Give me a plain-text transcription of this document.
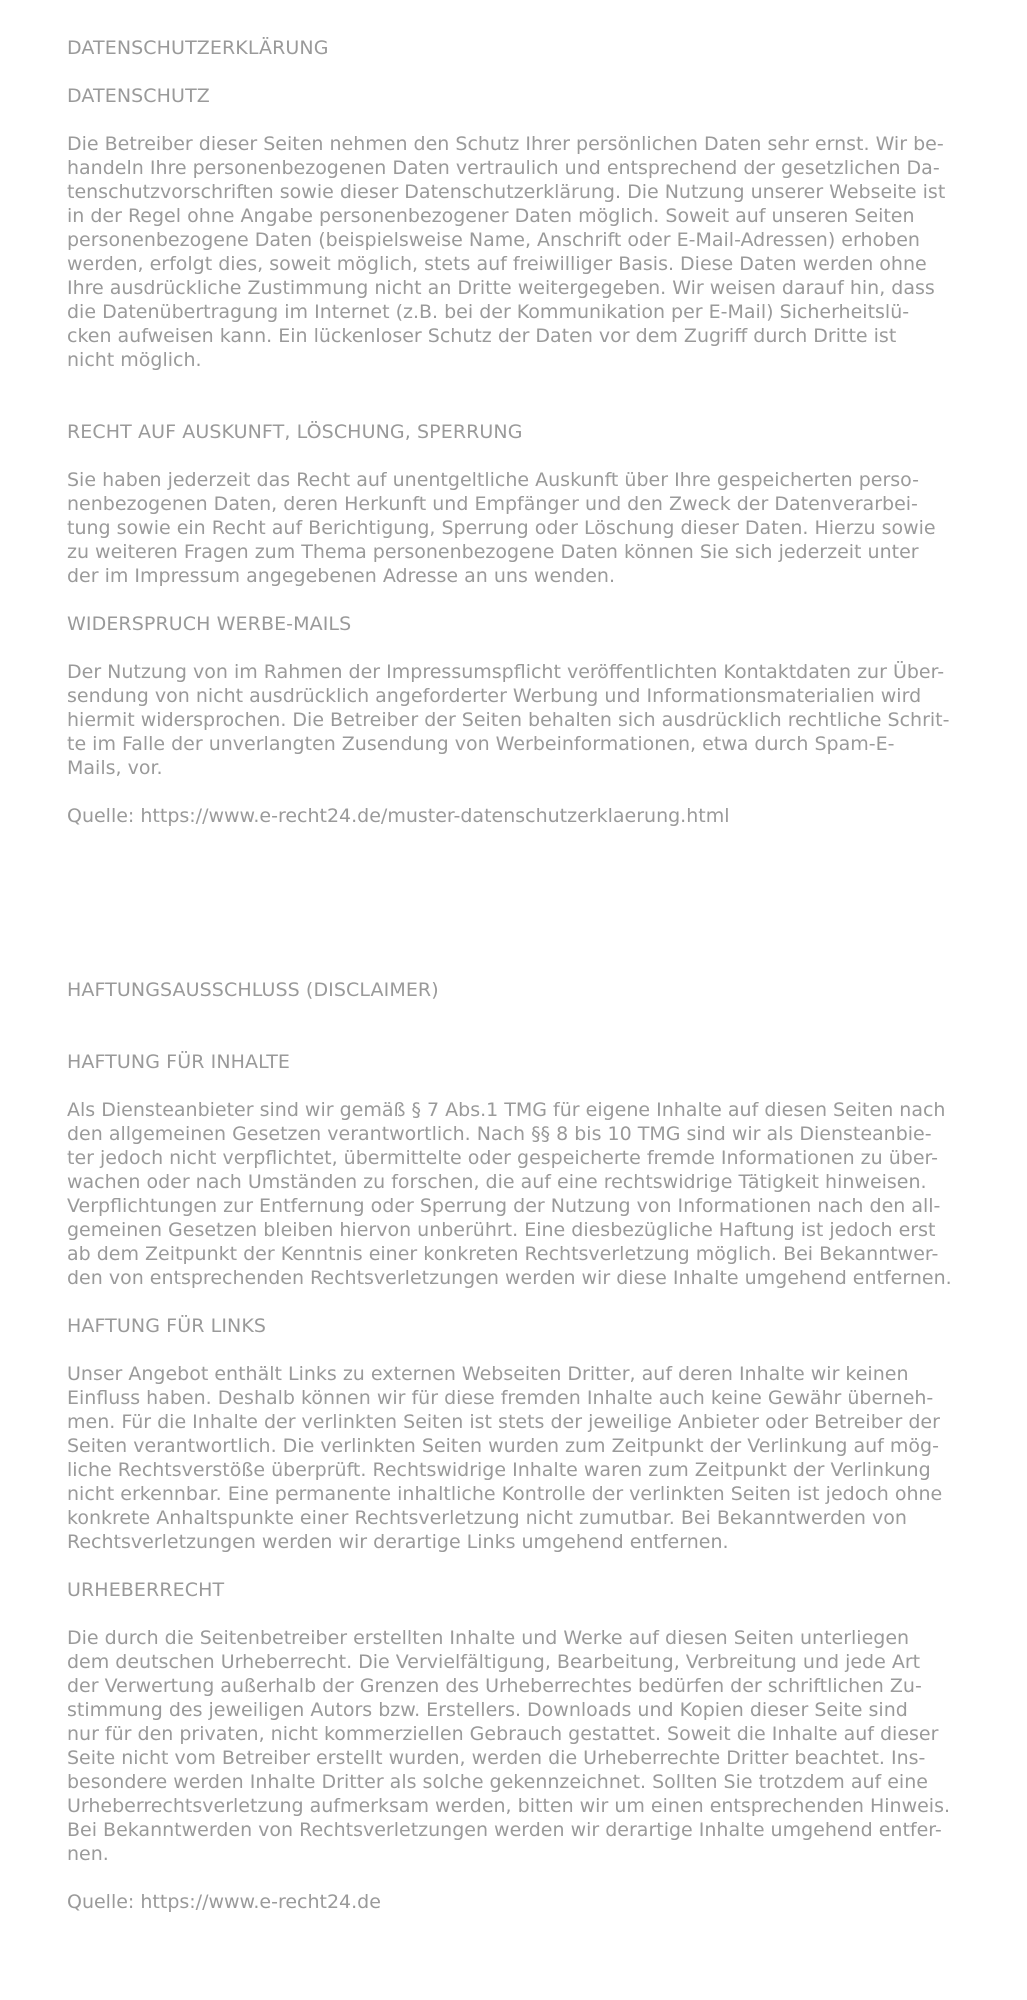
DATENSCHUTZERKLÄRUNG
DATENSCHUTZ

Die Betreiber dieser Seiten nehmen den Schutz Ihrer persönlichen Daten sehr ernst. Wir be-
handeln Ihre personenbezogenen Daten vertraulich und entsprechend der gesetzlichen Da-
tenschutzvorschriften sowie dieser Datenschutzerklärung. Die Nutzung unserer Webseite ist
in der Regel ohne Angabe personenbezogener Daten möglich. Soweit auf unseren Seiten
personenbezogene Daten (beispielsweise Name, Anschrift oder E-Mail-Adressen) erhoben
werden, erfolgt dies, soweit möglich, stets auf freiwilliger Basis. Diese Daten werden ohne
Ihre ausdrückliche Zustimmung nicht an Dritte weitergegeben. Wir weisen darauf hin, dass
die Datenübertragung im Internet (z.B. bei der Kommunikation per E-Mail) Sicherheitslü-
cken aufweisen kann. Ein lückenloser Schutz der Daten vor dem Zugriff durch Dritte ist
nicht möglich.

RECHT AUF AUSKUNFT, LÖSCHUNG, SPERRUNG

Sie haben jederzeit das Recht auf unentgeltliche Auskunft über Ihre gespeicherten perso-
nenbezogenen Daten, deren Herkunft und Empfänger und den Zweck der Datenverarbei-
tung sowie ein Recht auf Berichtigung, Sperrung oder Löschung dieser Daten. Hierzu sowie
zu weiteren Fragen zum Thema personenbezogene Daten können Sie sich jederzeit unter
der im Impressum angegebenen Adresse an uns wenden.

WIDERSPRUCH WERBE-MAILS

Der Nutzung von im Rahmen der Impressumspflicht veröffentlichten Kontaktdaten zur Über-
sendung von nicht ausdrücklich angeforderter Werbung und Informationsmaterialien wird
hiermit widersprochen. Die Betreiber der Seiten behalten sich ausdrücklich rechtliche Schrit-
te im Falle der unverlangten Zusendung von Werbeinformationen, etwa durch Spam-E-
Mails, vor.

Quelle: https://www.e-recht24.de/muster-datenschutzerklaerung.html

HAFTUNGSAUSSCHLUSS (DISCLAIMER)
HAFTUNG FÜR INHALTE

Als Diensteanbieter sind wir gemäß § 7 Abs.1 TMG für eigene Inhalte auf diesen Seiten nach
den allgemeinen Gesetzen verantwortlich. Nach §§ 8 bis 10 TMG sind wir als Diensteanbie-
ter jedoch nicht verpflichtet, übermittelte oder gespeicherte fremde Informationen zu über-
wachen oder nach Umständen zu forschen, die auf eine rechtswidrige Tätigkeit hinweisen.
Verpflichtungen zur Entfernung oder Sperrung der Nutzung von Informationen nach den all-
gemeinen Gesetzen bleiben hiervon unberührt. Eine diesbezügliche Haftung ist jedoch erst
ab dem Zeitpunkt der Kenntnis einer konkreten Rechtsverletzung möglich. Bei Bekanntwer-
den von entsprechenden Rechtsverletzungen werden wir diese Inhalte umgehend entfernen.

HAFTUNG FÜR LINKS

Unser Angebot enthält Links zu externen Webseiten Dritter, auf deren Inhalte wir keinen
Einfluss haben. Deshalb können wir für diese fremden Inhalte auch keine Gewähr überneh-
men. Für die Inhalte der verlinkten Seiten ist stets der jeweilige Anbieter oder Betreiber der
Seiten verantwortlich. Die verlinkten Seiten wurden zum Zeitpunkt der Verlinkung auf mög-
liche Rechtsverstöße überprüft. Rechtswidrige Inhalte waren zum Zeitpunkt der Verlinkung
nicht erkennbar. Eine permanente inhaltliche Kontrolle der verlinkten Seiten ist jedoch ohne
konkrete Anhaltspunkte einer Rechtsverletzung nicht zumutbar. Bei Bekanntwerden von
Rechtsverletzungen werden wir derartige Links umgehend entfernen.

URHEBERRECHT

Die durch die Seitenbetreiber erstellten Inhalte und Werke auf diesen Seiten unterliegen
dem deutschen Urheberrecht. Die Vervielfältigung, Bearbeitung, Verbreitung und jede Art
der Verwertung außerhalb der Grenzen des Urheberrechtes bedürfen der schriftlichen Zu-
stimmung des jeweiligen Autors bzw. Erstellers. Downloads und Kopien dieser Seite sind
nur für den privaten, nicht kommerziellen Gebrauch gestattet. Soweit die Inhalte auf dieser
Seite nicht vom Betreiber erstellt wurden, werden die Urheberrechte Dritter beachtet. Ins-
besondere werden Inhalte Dritter als solche gekennzeichnet. Sollten Sie trotzdem auf eine
Urheberrechtsverletzung aufmerksam werden, bitten wir um einen entsprechenden Hinweis.
Bei Bekanntwerden von Rechtsverletzungen werden wir derartige Inhalte umgehend entfer-
nen.

Quelle: https://www.e-recht24.de
